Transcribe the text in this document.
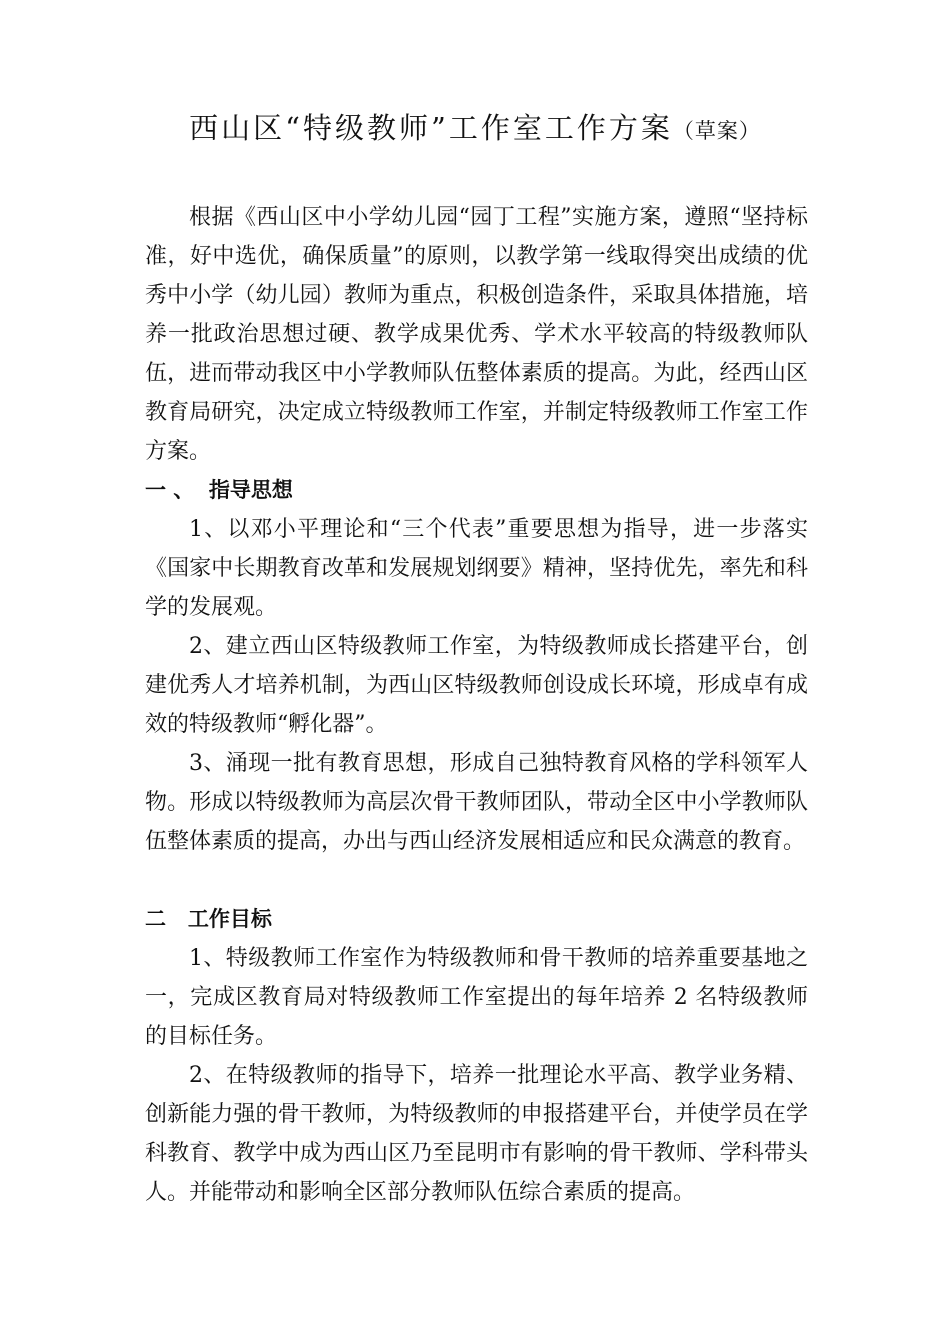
西山区“特级教师”工作室工作方案（草案）

根据《西山区中小学幼儿园“园丁工程”实施方案，遵照“坚持标准，好中选优，确保质量”的原则，以教学第一线取得突出成绩的优秀中小学（幼儿园）教师为重点，积极创造条件，采取具体措施，培养一批政治思想过硬、教学成果优秀、学术水平较高的特级教师队伍，进而带动我区中小学教师队伍整体素质的提高。为此，经西山区教育局研究，决定成立特级教师工作室，并制定特级教师工作室工作方案。

一 、  指导思想

1、以邓小平理论和“三个代表”重要思想为指导，进一步落实《国家中长期教育改革和发展规划纲要》精神，坚持优先，率先和科学的发展观。

2、建立西山区特级教师工作室，为特级教师成长搭建平台，创建优秀人才培养机制，为西山区特级教师创设成长环境，形成卓有成效的特级教师“孵化器”。

3、涌现一批有教育思想，形成自己独特教育风格的学科领军人物。形成以特级教师为高层次骨干教师团队，带动全区中小学教师队伍整体素质的提高，办出与西山经济发展相适应和民众满意的教育。

二   工作目标

1、特级教师工作室作为特级教师和骨干教师的培养重要基地之一，完成区教育局对特级教师工作室提出的每年培养 2 名特级教师的目标任务。

2、在特级教师的指导下，培养一批理论水平高、教学业务精、创新能力强的骨干教师，为特级教师的申报搭建平台，并使学员在学科教育、教学中成为西山区乃至昆明市有影响的骨干教师、学科带头人。并能带动和影响全区部分教师队伍综合素质的提高。
